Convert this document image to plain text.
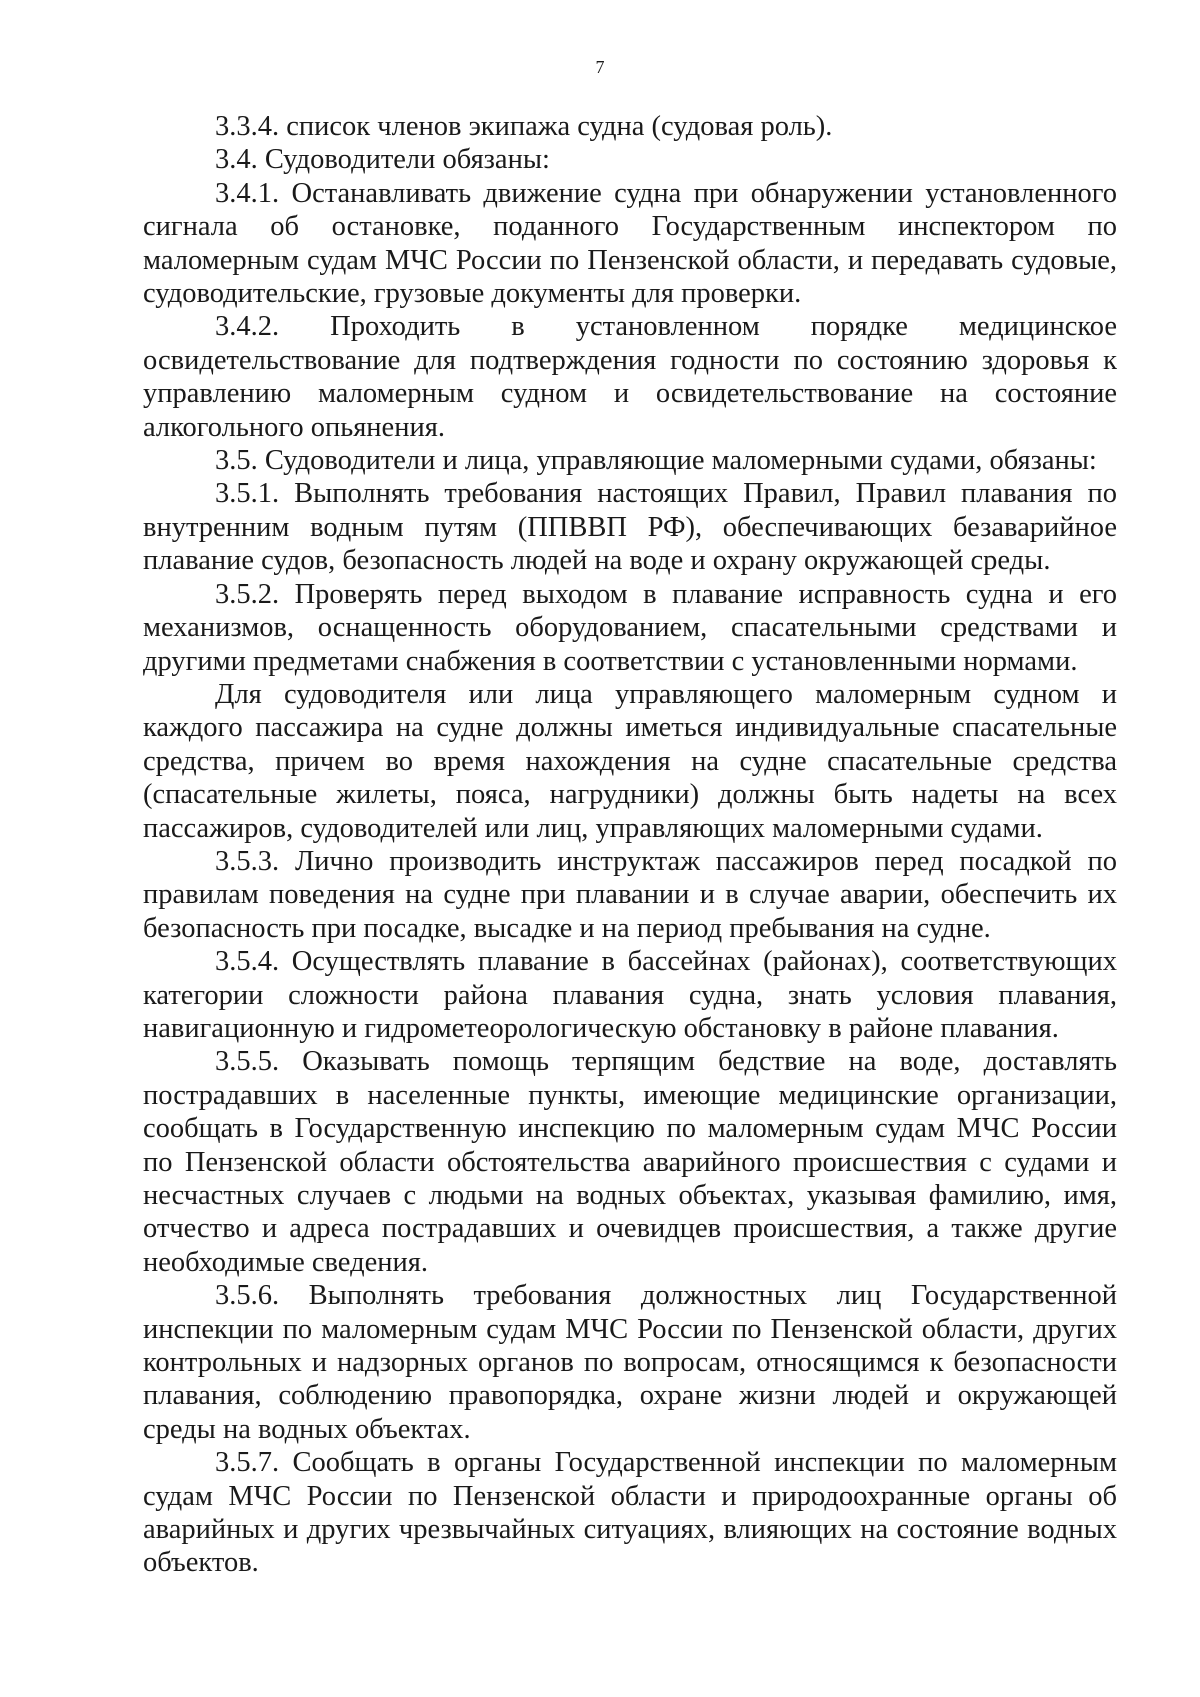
7

3.3.4. список членов экипажа судна (судовая роль).

3.4. Судоводители обязаны:

3.4.1. Останавливать движение судна при обнаружении установленного сигнала об остановке, поданного Государственным инспектором по маломерным судам МЧС России по Пензенской области, и передавать судовые, судоводительские, грузовые документы для проверки.

3.4.2. Проходить в установленном порядке медицинское освидетельствование для подтверждения годности по состоянию здоровья к управлению маломерным судном и освидетельствование на состояние алкогольного опьянения.

3.5. Судоводители и лица, управляющие маломерными судами, обязаны:

3.5.1. Выполнять требования настоящих Правил, Правил плавания по внутренним водным путям (ППВВП РФ), обеспечивающих безаварийное плавание судов, безопасность людей на воде и охрану окружающей среды.

3.5.2. Проверять перед выходом в плавание исправность судна и его механизмов, оснащенность оборудованием, спасательными средствами и другими предметами снабжения в соответствии с установленными нормами.

Для судоводителя или лица управляющего маломерным судном и каждого пассажира на судне должны иметься индивидуальные спасательные средства, причем во время нахождения на судне спасательные средства (спасательные жилеты, пояса, нагрудники) должны быть надеты на всех пассажиров, судоводителей или лиц, управляющих маломерными судами.

3.5.3. Лично производить инструктаж пассажиров перед посадкой по правилам поведения на судне при плавании и в случае аварии, обеспечить их безопасность при посадке, высадке и на период пребывания на судне.

3.5.4. Осуществлять плавание в бассейнах (районах), соответствующих категории сложности района плавания судна, знать условия плавания, навигационную и гидрометеорологическую обстановку в районе плавания.

3.5.5. Оказывать помощь терпящим бедствие на воде, доставлять пострадавших в населенные пункты, имеющие медицинские организации, сообщать в Государственную инспекцию по маломерным судам МЧС России по Пензенской области обстоятельства аварийного происшествия с судами и несчастных случаев с людьми на водных объектах, указывая фамилию, имя, отчество и адреса пострадавших и очевидцев происшествия, а также другие необходимые сведения.

3.5.6. Выполнять требования должностных лиц Государственной инспекции по маломерным судам МЧС России по Пензенской области, других контрольных и надзорных органов по вопросам, относящимся к безопасности плавания, соблюдению правопорядка, охране жизни людей и окружающей среды на водных объектах.

3.5.7. Сообщать в органы Государственной инспекции по маломерным судам МЧС России по Пензенской области и природоохранные органы об аварийных и других чрезвычайных ситуациях, влияющих на состояние водных объектов.
